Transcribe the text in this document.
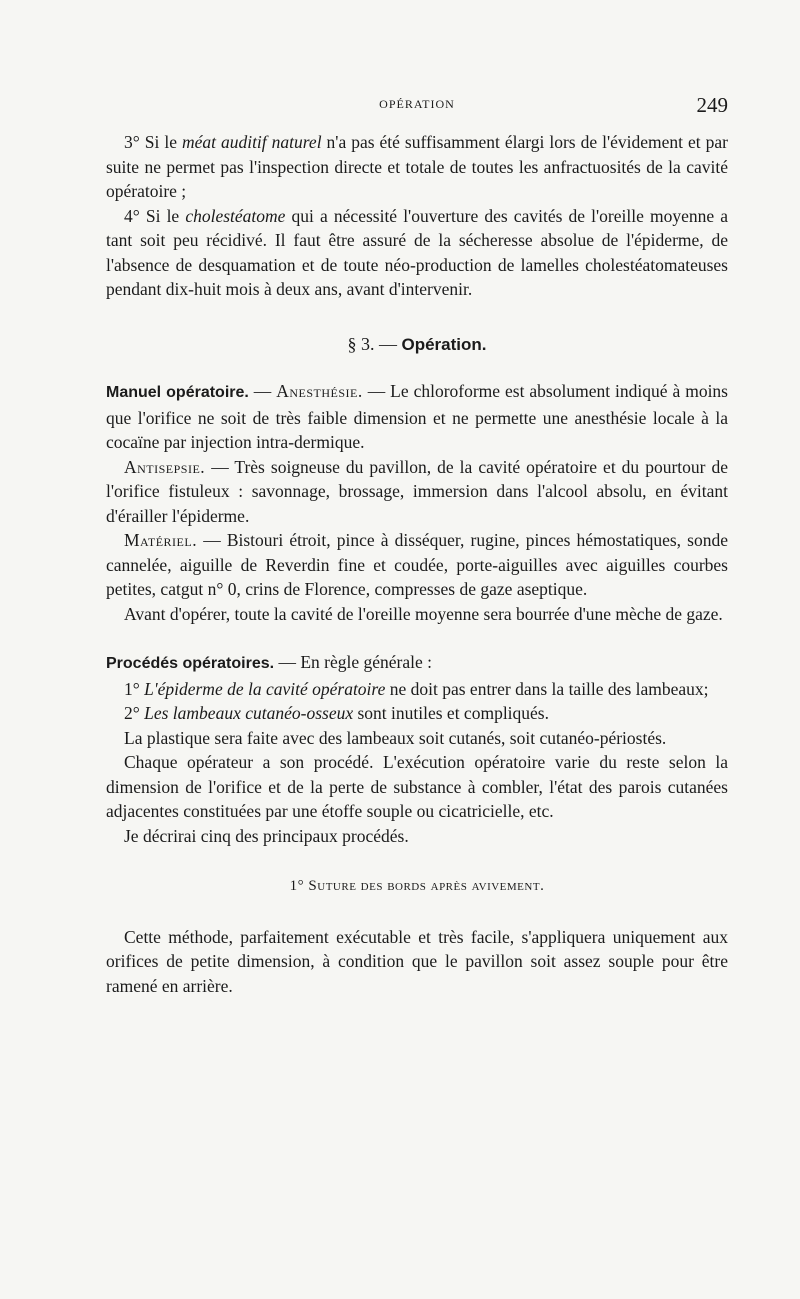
OPÉRATION	249

3° Si le méat auditif naturel n'a pas été suffisamment élargi lors de l'évidement et par suite ne permet pas l'inspection directe et totale de toutes les anfractuosités de la cavité opératoire ;

4° Si le cholestéatome qui a nécessité l'ouverture des cavités de l'oreille moyenne a tant soit peu récidivé. Il faut être assuré de la sécheresse absolue de l'épiderme, de l'absence de desquamation et de toute néo-production de lamelles cholestéatomateuses pendant dix-huit mois à deux ans, avant d'intervenir.

§ 3. — Opération.

Manuel opératoire. — Anesthésie. — Le chloroforme est absolument indiqué à moins que l'orifice ne soit de très faible dimension et ne permette une anesthésie locale à la cocaïne par injection intra-dermique.

Antisepsie. — Très soigneuse du pavillon, de la cavité opératoire et du pourtour de l'orifice fistuleux : savonnage, brossage, immersion dans l'alcool absolu, en évitant d'érailler l'épiderme.

Matériel. — Bistouri étroit, pince à disséquer, rugine, pinces hémostatiques, sonde cannelée, aiguille de Reverdin fine et coudée, porte-aiguilles avec aiguilles courbes petites, catgut n° 0, crins de Florence, compresses de gaze aseptique.

Avant d'opérer, toute la cavité de l'oreille moyenne sera bourrée d'une mèche de gaze.

Procédés opératoires. — En règle générale :

1° L'épiderme de la cavité opératoire ne doit pas entrer dans la taille des lambeaux;

2° Les lambeaux cutanéo-osseux sont inutiles et compliqués.

La plastique sera faite avec des lambeaux soit cutanés, soit cutanéo-périostés.

Chaque opérateur a son procédé. L'exécution opératoire varie du reste selon la dimension de l'orifice et de la perte de substance à combler, l'état des parois cutanées adjacentes constituées par une étoffe souple ou cicatricielle, etc.

Je décrirai cinq des principaux procédés.

1° Suture des bords après avivement.

Cette méthode, parfaitement exécutable et très facile, s'appliquera uniquement aux orifices de petite dimension, à condition que le pavillon soit assez souple pour être ramené en arrière.
